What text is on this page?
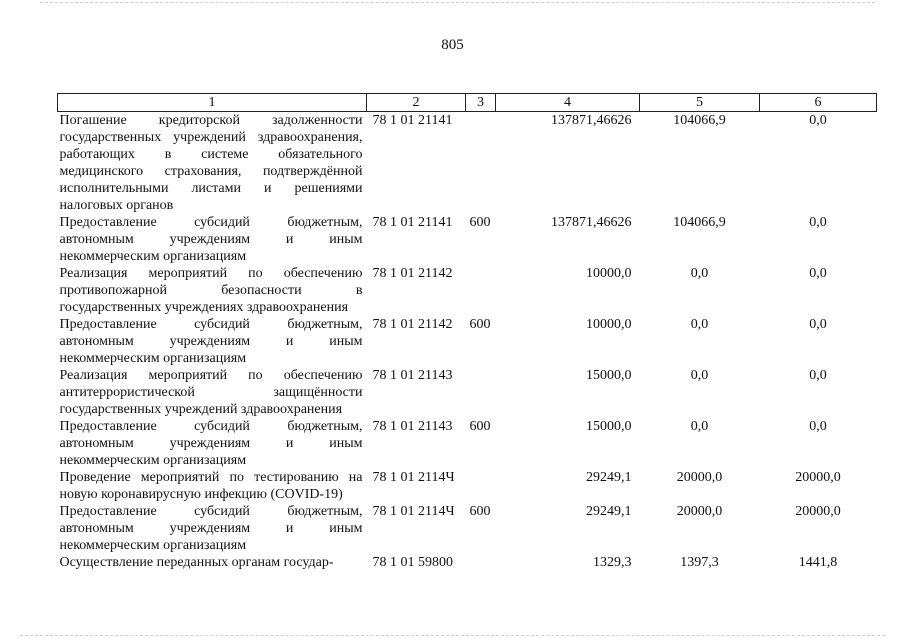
805
1	2	3	4	5	6
Погашение кредиторской задолженности государственных учреждений здравоохранения, работающих в системе обязательного медицинского страхования, подтверждённой исполнительными листами и решениями налоговых органов	78 1 01 21141		137871,46626	104066,9	0,0
Предоставление субсидий бюджетным, автономным учреждениям и иным некоммерческим организациям	78 1 01 21141	600	137871,46626	104066,9	0,0
Реализация мероприятий по обеспечению противопожарной безопасности в государственных учреждениях здравоохранения	78 1 01 21142		10000,0	0,0	0,0
Предоставление субсидий бюджетным, автономным учреждениям и иным некоммерческим организациям	78 1 01 21142	600	10000,0	0,0	0,0
Реализация мероприятий по обеспечению антитеррористической защищённости государственных учреждений здравоохранения	78 1 01 21143		15000,0	0,0	0,0
Предоставление субсидий бюджетным, автономным учреждениям и иным некоммерческим организациям	78 1 01 21143	600	15000,0	0,0	0,0
Проведение мероприятий по тестированию на новую коронавирусную инфекцию (COVID-19)	78 1 01 2114Ч		29249,1	20000,0	20000,0
Предоставление субсидий бюджетным, автономным учреждениям и иным некоммерческим организациям	78 1 01 2114Ч	600	29249,1	20000,0	20000,0
Осуществление переданных органам государ-	78 1 01 59800		1329,3	1397,3	1441,8
